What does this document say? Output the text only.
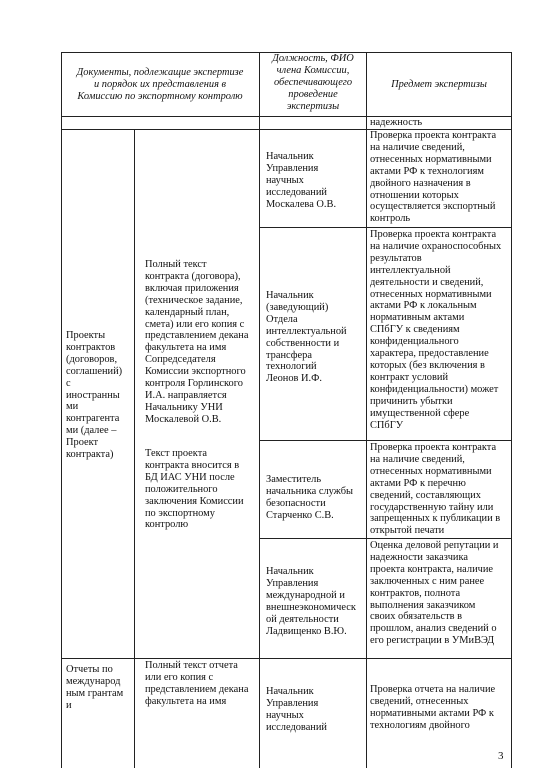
Документы, подлежащие экспертизе
и порядок их представления в
Комиссию по экспортному контролю
Должность, ФИО
члена Комиссии,
обеспечивающего
проведение
экспертизы
Предмет экспертизы
надежность
Проекты
контрактов
(договоров,
соглашений)
с
иностранны
ми
контрагента
ми (далее –
Проект
контракта)
Полный текст
контракта (договора),
включая приложения
(техническое задание,
календарный план,
смета) или его копия с
представлением декана
факультета на имя
Сопредседателя
Комиссии экспортного
контроля Горлинского
И.А. направляется
Начальнику УНИ
Москалевой О.В.
Текст проекта
контракта вносится в
БД ИАС УНИ после
положительного
заключения Комиссии
по экспортному
контролю
Начальник
Управления
научных
исследований
Москалева О.В.
Проверка проекта контракта
на наличие сведений,
отнесенных нормативными
актами РФ к технологиям
двойного назначения в
отношении которых
осуществляется экспортный
контроль
Начальник
(заведующий)
Отдела
интеллектуальной
собственности и
трансфера
технологий
Леонов И.Ф.
Проверка проекта контракта
на наличие охраноспособных
результатов
интеллектуальной
деятельности и сведений,
отнесенных нормативными
актами РФ к локальным
нормативным актами
СПбГУ к сведениям
конфиденциального
характера, предоставление
которых (без включения в
контракт условий
конфиденциальности) может
причинить убытки
имущественной сфере
СПбГУ
Заместитель
начальника службы
безопасности
Старченко С.В.
Проверка проекта контракта
на наличие сведений,
отнесенных нормативными
актами РФ к перечню
сведений, составляющих
государственную тайну или
запрещенных к публикации в
открытой печати
Начальник
Управления
международной и
внешнеэкономическ
ой деятельности
Ладвищенко В.Ю.
Оценка деловой репутации и
надежности заказчика
проекта контракта, наличие
заключенных с ним ранее
контрактов, полнота
выполнения заказчиком
своих обязательств в
прошлом, анализ сведений о
его регистрации в УМиВЭД
Отчеты по
международ
ным грантам
и
Полный текст отчета
или его копия с
представлением декана
факультета на имя
Начальник
Управления
научных
исследований
Проверка отчета на наличие
сведений, отнесенных
нормативными актами РФ к
технологиям двойного
3
